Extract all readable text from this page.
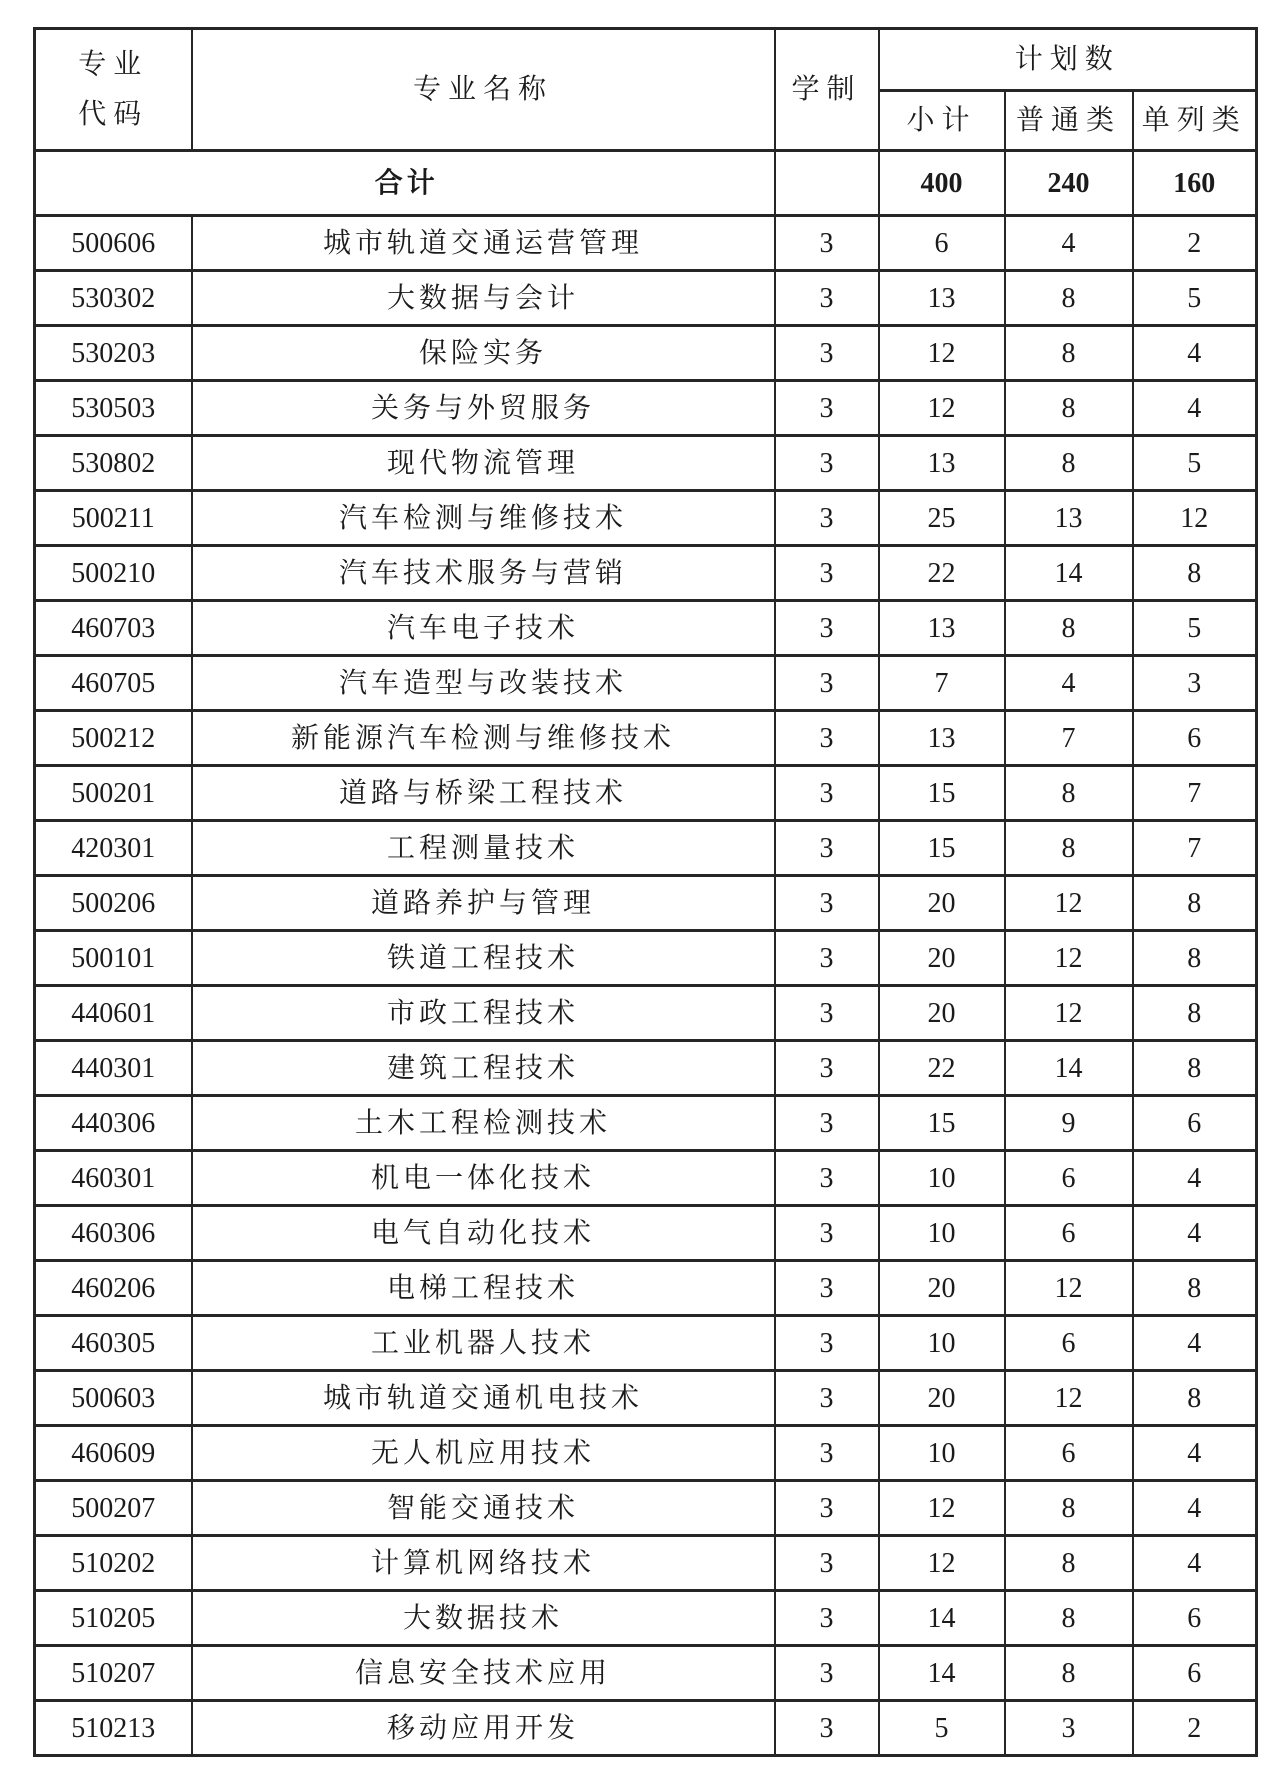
专业
代码	专业名称	学制	计划数		
			小计	普通类	单列类
合计			400	240	160
500606	城市轨道交通运营管理	3	6	4	2
530302	大数据与会计	3	13	8	5
530203	保险实务	3	12	8	4
530503	关务与外贸服务	3	12	8	4
530802	现代物流管理	3	13	8	5
500211	汽车检测与维修技术	3	25	13	12
500210	汽车技术服务与营销	3	22	14	8
460703	汽车电子技术	3	13	8	5
460705	汽车造型与改装技术	3	7	4	3
500212	新能源汽车检测与维修技术	3	13	7	6
500201	道路与桥梁工程技术	3	15	8	7
420301	工程测量技术	3	15	8	7
500206	道路养护与管理	3	20	12	8
500101	铁道工程技术	3	20	12	8
440601	市政工程技术	3	20	12	8
440301	建筑工程技术	3	22	14	8
440306	土木工程检测技术	3	15	9	6
460301	机电一体化技术	3	10	6	4
460306	电气自动化技术	3	10	6	4
460206	电梯工程技术	3	20	12	8
460305	工业机器人技术	3	10	6	4
500603	城市轨道交通机电技术	3	20	12	8
460609	无人机应用技术	3	10	6	4
500207	智能交通技术	3	12	8	4
510202	计算机网络技术	3	12	8	4
510205	大数据技术	3	14	8	6
510207	信息安全技术应用	3	14	8	6
510213	移动应用开发	3	5	3	2
